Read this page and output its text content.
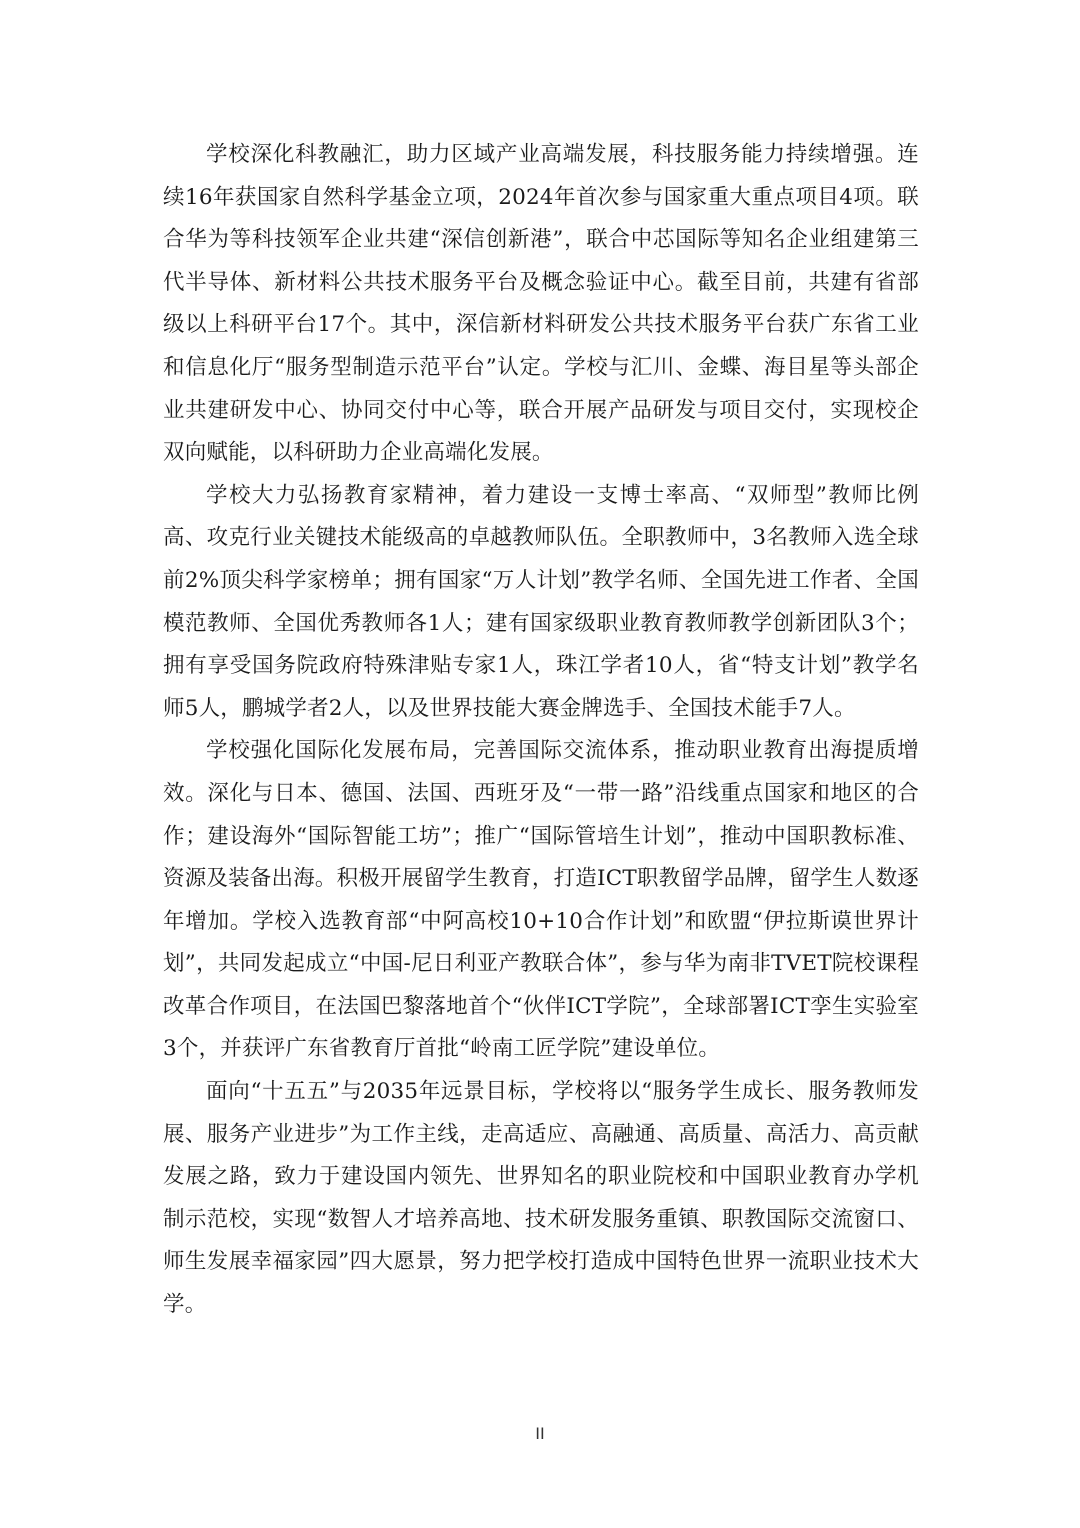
学校深化科教融汇，助力区域产业高端发展，科技服务能力持续增强。连续16年获国家自然科学基金立项，2024年首次参与国家重大重点项目4项。联合华为等科技领军企业共建“深信创新港”，联合中芯国际等知名企业组建第三代半导体、新材料公共技术服务平台及概念验证中心。截至目前，共建有省部级以上科研平台17个。其中，深信新材料研发公共技术服务平台获广东省工业和信息化厅“服务型制造示范平台”认定。学校与汇川、金蝶、海目星等头部企业共建研发中心、协同交付中心等，联合开展产品研发与项目交付，实现校企双向赋能，以科研助力企业高端化发展。

学校大力弘扬教育家精神，着力建设一支博士率高、“双师型”教师比例高、攻克行业关键技术能级高的卓越教师队伍。全职教师中，3名教师入选全球前2%顶尖科学家榜单；拥有国家“万人计划”教学名师、全国先进工作者、全国模范教师、全国优秀教师各1人；建有国家级职业教育教师教学创新团队3个；拥有享受国务院政府特殊津贴专家1人，珠江学者10人，省“特支计划”教学名师5人，鹏城学者2人，以及世界技能大赛金牌选手、全国技术能手7人。

学校强化国际化发展布局，完善国际交流体系，推动职业教育出海提质增效。深化与日本、德国、法国、西班牙及“一带一路”沿线重点国家和地区的合作；建设海外“国际智能工坊”；推广“国际管培生计划”，推动中国职教标准、资源及装备出海。积极开展留学生教育，打造ICT职教留学品牌，留学生人数逐年增加。学校入选教育部“中阿高校10+10合作计划”和欧盟“伊拉斯谟世界计划”，共同发起成立“中国-尼日利亚产教联合体”，参与华为南非TVET院校课程改革合作项目，在法国巴黎落地首个“伙伴ICT学院”，全球部署ICT孪生实验室3个，并获评广东省教育厅首批“岭南工匠学院”建设单位。

面向“十五五”与2035年远景目标，学校将以“服务学生成长、服务教师发展、服务产业进步”为工作主线，走高适应、高融通、高质量、高活力、高贡献发展之路，致力于建设国内领先、世界知名的职业院校和中国职业教育办学机制示范校，实现“数智人才培养高地、技术研发服务重镇、职教国际交流窗口、师生发展幸福家园”四大愿景，努力把学校打造成中国特色世界一流职业技术大学。

II
